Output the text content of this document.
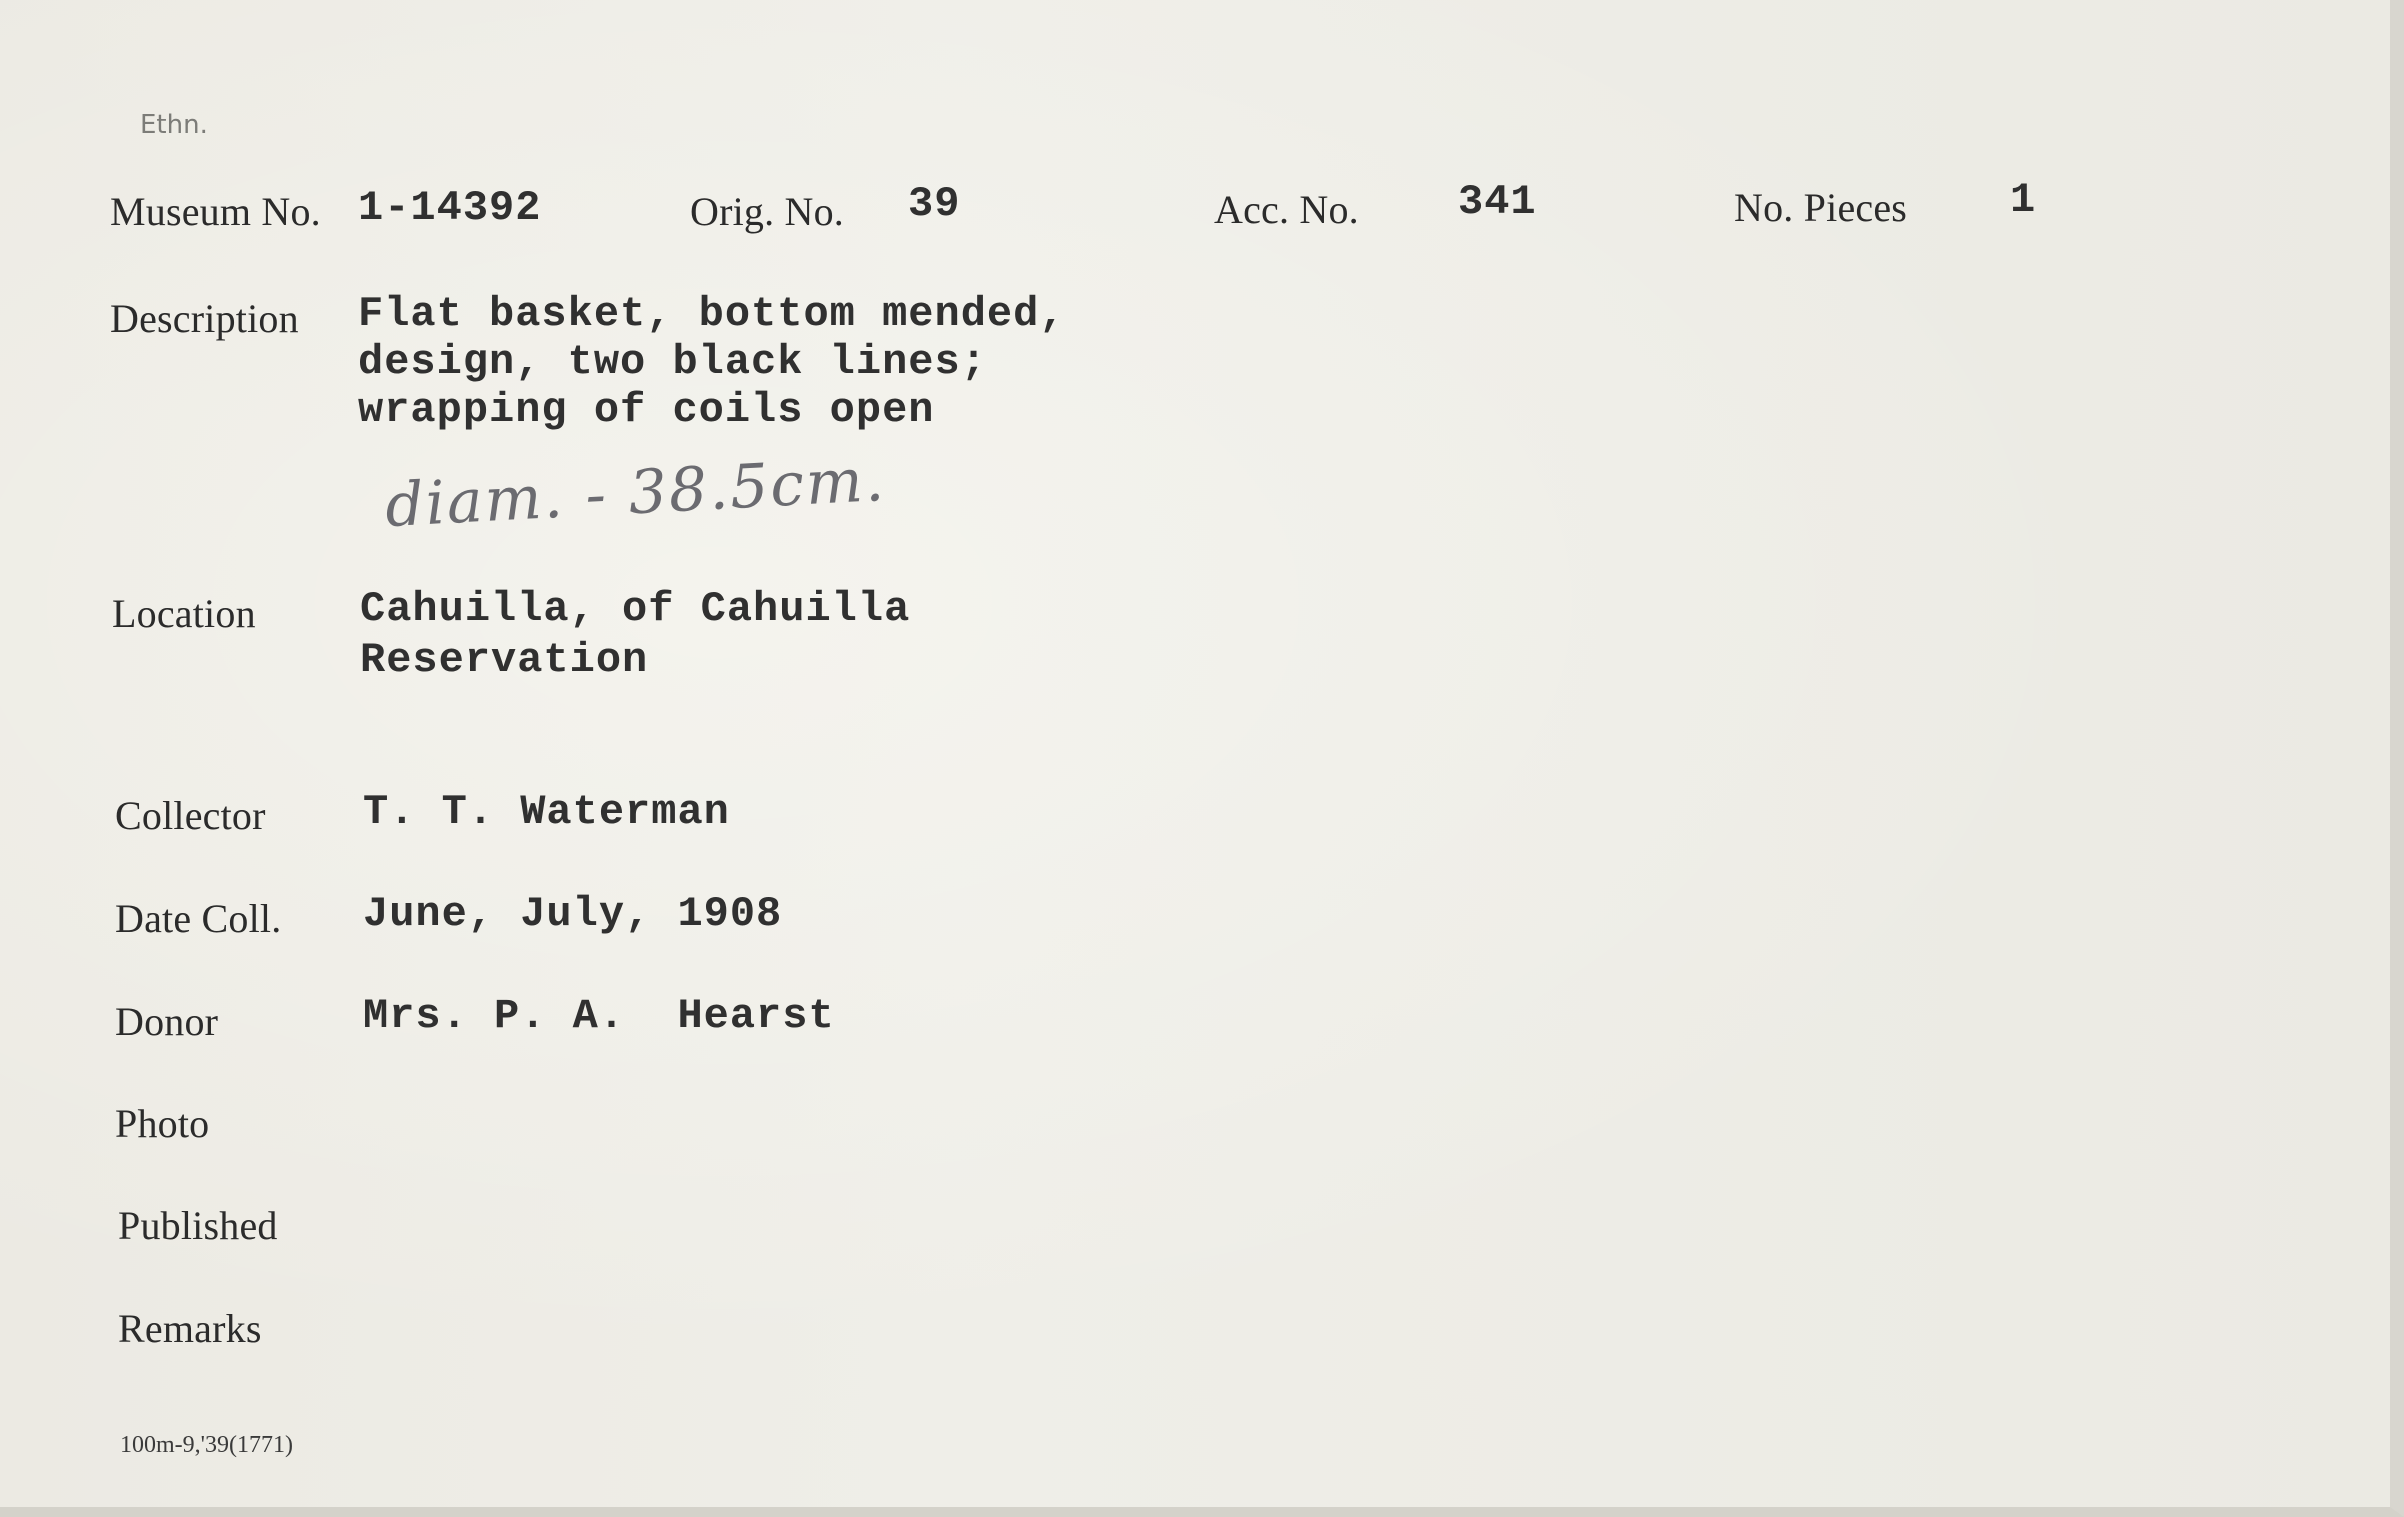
Ethn.
Museum No. 1-14392	Orig. No. 39	Acc. No. 341	No. Pieces 1
Description Flat basket, bottom mended,
design, two black lines;
wrapping of coils open
diam. - 38.5cm.
Location Cahuilla, of Cahuilla
Reservation
Collector T. T. Waterman
Date Coll. June, July, 1908
Donor	Mrs. P. A.  Hearst
Photo
Published
Remarks
100m-9,'39(1771)
